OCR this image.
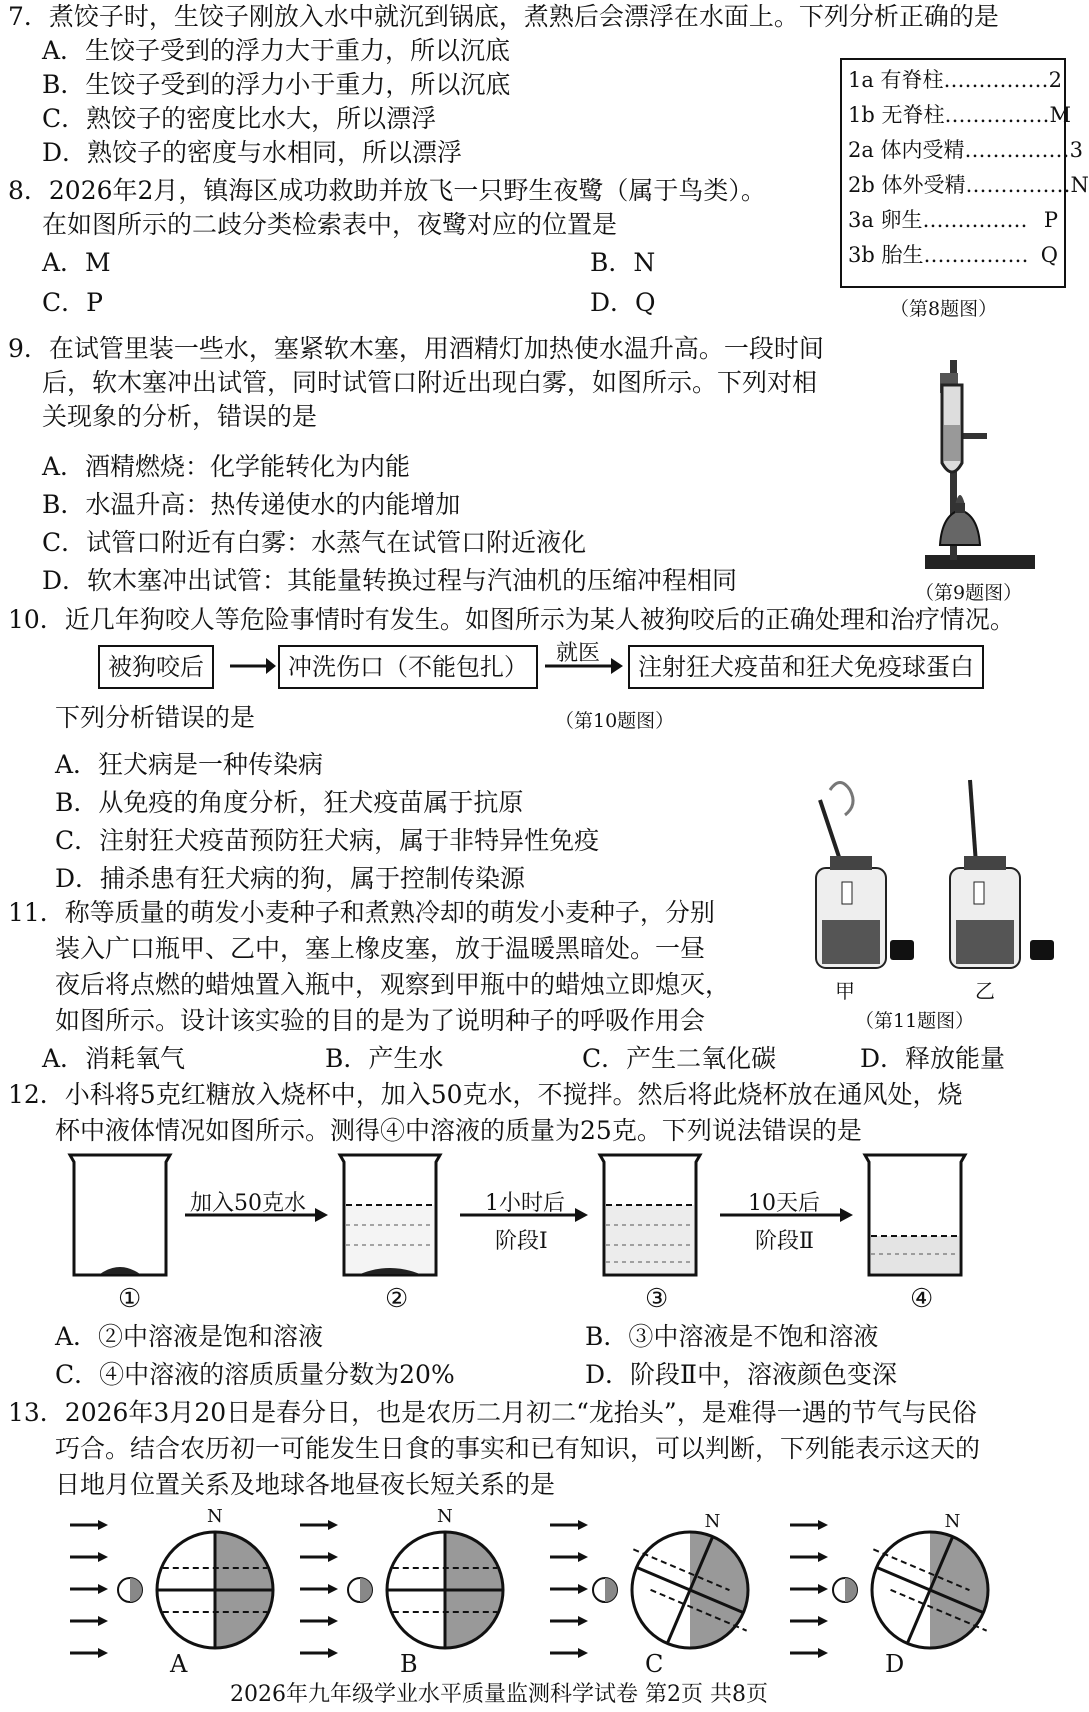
7．煮饺子时，生饺子刚放入水中就沉到锅底，煮熟后会漂浮在水面上。下列分析正确的是
A．生饺子受到的浮力大于重力，所以沉底
B．生饺子受到的浮力小于重力，所以沉底
C．熟饺子的密度比水大，所以漂浮
D．熟饺子的密度与水相同，所以漂浮
1a 有脊柱…………… 2
1b 无脊柱…………… M
2a 体内受精…………… 3
2b 体外受精…………… N
3a 卵生…………… P
3b 胎生…………… Q
（第8题图）
8．2026年2月，镇海区成功救助并放飞一只野生夜鹭（属于鸟类）。
在如图所示的二歧分类检索表中，夜鹭对应的位置是
A．M	B．N
C．P	D．Q
9．在试管里装一些水，塞紧软木塞，用酒精灯加热使水温升高。一段时间
后，软木塞冲出试管，同时试管口附近出现白雾，如图所示。下列对相
关现象的分析，错误的是
A．酒精燃烧：化学能转化为内能
B．水温升高：热传递使水的内能增加
C．试管口附近有白雾：水蒸气在试管口附近液化
D．软木塞冲出试管：其能量转换过程与汽油机的压缩冲程相同	（第9题图）
10．近几年狗咬人等危险事情时有发生。如图所示为某人被狗咬后的正确处理和治疗情况。
被狗咬后	冲洗伤口（不能包扎）	就医	注射狂犬疫苗和狂犬免疫球蛋白
下列分析错误的是	（第10题图）
A．狂犬病是一种传染病
B．从免疫的角度分析，狂犬疫苗属于抗原
C．注射狂犬疫苗预防狂犬病，属于非特异性免疫
D．捕杀患有狂犬病的狗，属于控制传染源
11．称等质量的萌发小麦种子和煮熟冷却的萌发小麦种子，分别
装入广口瓶甲、乙中，塞上橡皮塞，放于温暖黑暗处。一昼
夜后将点燃的蜡烛置入瓶中，观察到甲瓶中的蜡烛立即熄灭，
如图所示。设计该实验的目的是为了说明种子的呼吸作用会
A．消耗氧气	B．产生水	C．产生二氧化碳	D．释放能量
甲	乙
（第11题图）
12．小科将5克红糖放入烧杯中，加入50克水，不搅拌。然后将此烧杯放在通风处，烧
杯中液体情况如图所示。测得④中溶液的质量为25克。下列说法错误的是
加入50克水	1小时后
阶段Ⅰ
10天后
阶段Ⅱ
①	②	③	④
A．②中溶液是饱和溶液	B．③中溶液是不饱和溶液
C．④中溶液的溶质质量分数为20%	D．阶段Ⅱ中，溶液颜色变深
13．2026年3月20日是春分日，也是农历二月初二“龙抬头”，是难得一遇的节气与民俗
巧合。结合农历初一可能发生日食的事实和已有知识，可以判断，下列能表示这天的
日地月位置关系及地球各地昼夜长短关系的是
N
A
N
B
N
C
N
D
2026年九年级学业水平质量监测科学试卷 第2页 共8页
